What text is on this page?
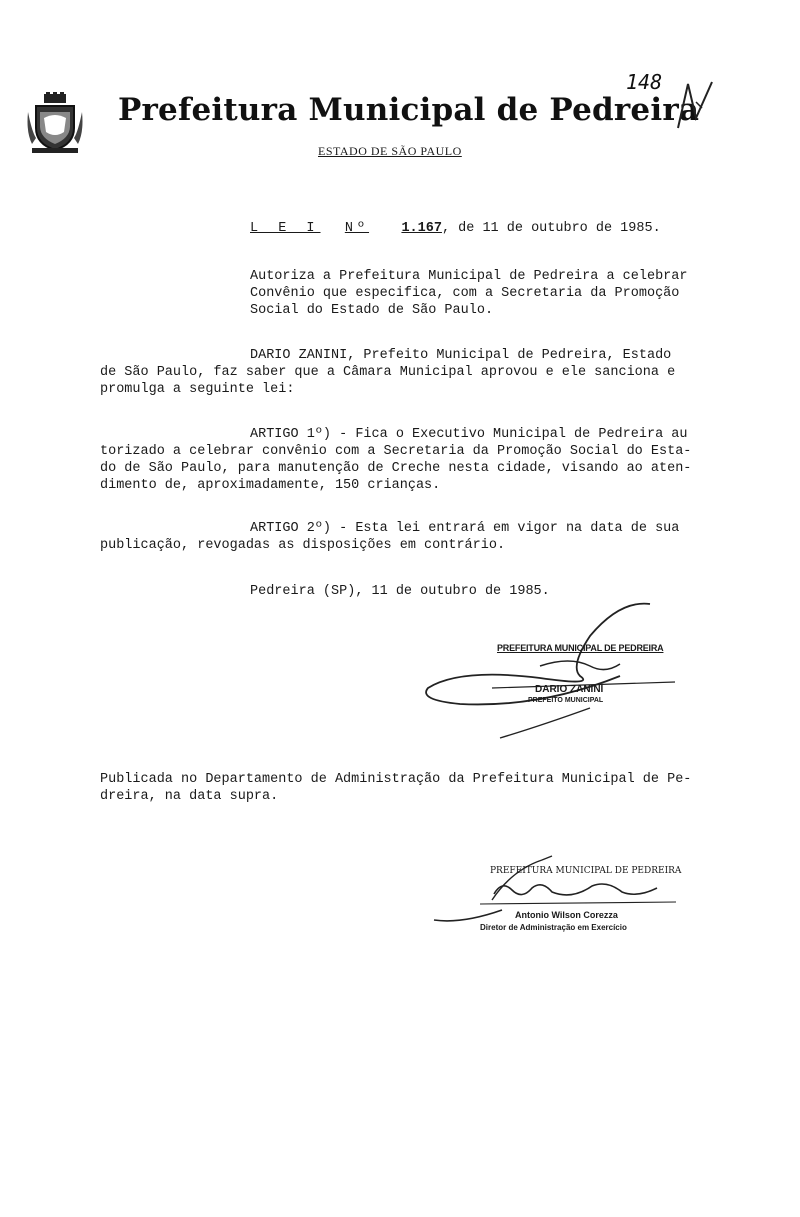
148
Prefeitura Municipal de Pedreira
ESTADO DE SÃO PAULO
L E I Nº 1.167, de 11 de outubro de 1985.
Autoriza a Prefeitura Municipal de Pedreira a celebrar
Convênio que especifica, com a Secretaria da Promoção
Social do Estado de São Paulo.
DARIO ZANINI, Prefeito Municipal de Pedreira, Estado
de São Paulo, faz saber que a Câmara Municipal aprovou e ele sanciona e
promulga a seguinte lei:
ARTIGO 1º) - Fica o Executivo Municipal de Pedreira au
torizado a celebrar convênio com a Secretaria da Promoção Social do Esta-
do de São Paulo, para manutenção de Creche nesta cidade, visando ao aten-
dimento de, aproximadamente, 150 crianças.
ARTIGO 2º) - Esta lei entrará em vigor na data de sua
publicação, revogadas as disposições em contrário.
Pedreira (SP), 11 de outubro de 1985.
PREFEITURA MUNICIPAL DE PEDREIRA
DARIO ZANINI
PREFEITO MUNICIPAL
Publicada no Departamento de Administração da Prefeitura Municipal de Pe-
dreira, na data supra.
PREFEITURA MUNICIPAL DE PEDREIRA
Antonio Wilson Corezza
Diretor de Administração em Exercício
